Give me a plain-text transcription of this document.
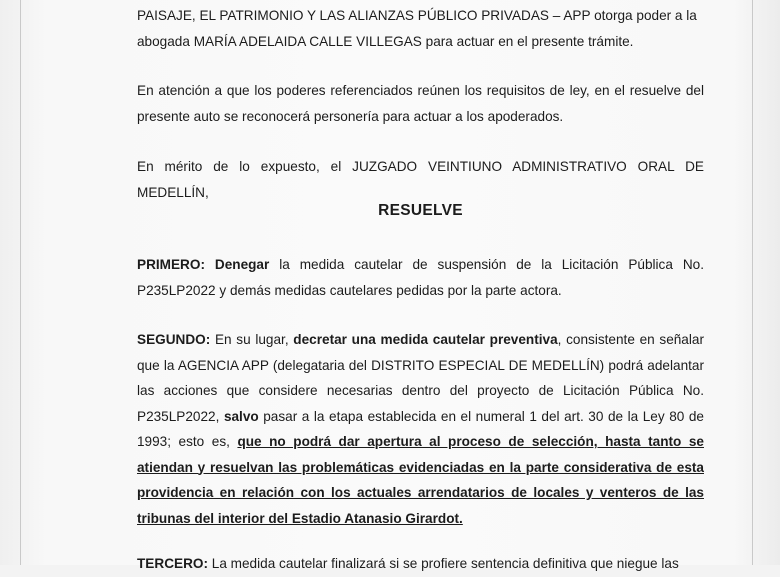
PAISAJE, EL PATRIMONIO Y LAS ALIANZAS PÚBLICO PRIVADAS – APP otorga poder a la
abogada MARÍA ADELAIDA CALLE VILLEGAS para actuar en el presente trámite.

En atención a que los poderes referenciados reúnen los requisitos de ley, en el resuelve del presente auto se reconocerá personería para actuar a los apoderados.

En mérito de lo expuesto, el JUZGADO VEINTIUNO ADMINISTRATIVO ORAL DE MEDELLÍN,

RESUELVE

PRIMERO: Denegar la medida cautelar de suspensión de la Licitación Pública No. P235LP2022 y demás medidas cautelares pedidas por la parte actora.

SEGUNDO: En su lugar, decretar una medida cautelar preventiva, consistente en señalar que la AGENCIA APP (delegataria del DISTRITO ESPECIAL DE MEDELLÍN) podrá adelantar las acciones que considere necesarias dentro del proyecto de Licitación Pública No. P235LP2022, salvo pasar a la etapa establecida en el numeral 1 del art. 30 de la Ley 80 de 1993; esto es, que no podrá dar apertura al proceso de selección, hasta tanto se atiendan y resuelvan las problemáticas evidenciadas en la parte considerativa de esta providencia en relación con los actuales arrendatarios de locales y venteros de las tribunas del interior del Estadio Atanasio Girardot.

TERCERO: La medida cautelar finalizará si se profiere sentencia definitiva que niegue las
